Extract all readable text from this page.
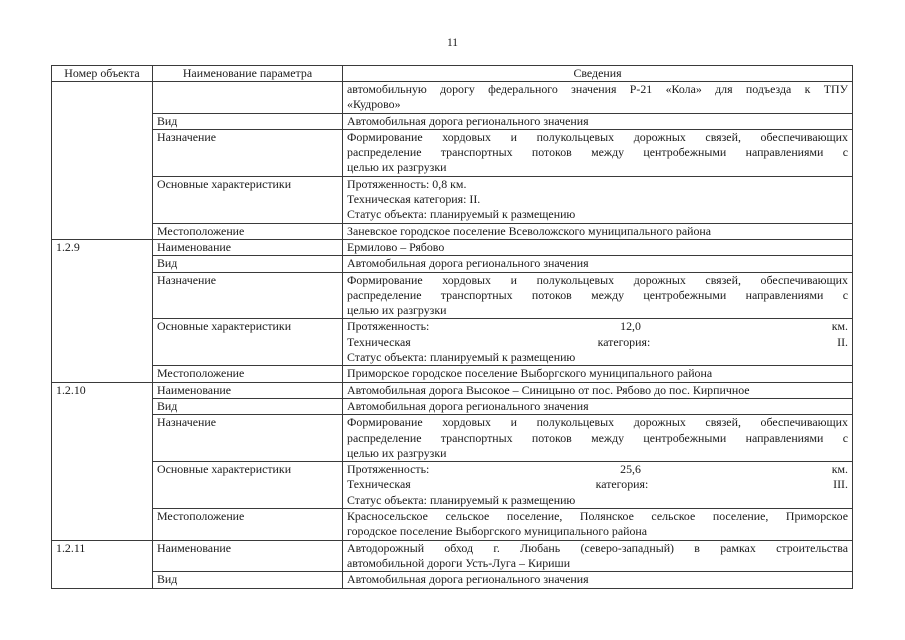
11
Номер объекта	Наименование параметра	Сведения

		автомобильную дорогу федерального значения Р-21 «Кола» для подъезда к ТПУ
«Кудрово»

	Вид	Автомобильная дорога регионального значения
	Назначение	Формирование хордовых и полукольцевых дорожных связей, обеспечивающих
распределение транспортных потоков между центробежными направлениями с
целью их разгрузки

	Основные характеристики	Протяженность: 0,8 км.
Техническая категория: II.
Статус объекта: планируемый к размещению

	Местоположение	Заневское городское поселение Всеволожского муниципального района
1.2.9	Наименование	Ермилово – Рябово

	Вид	Автомобильная дорога регионального значения

	Назначение	Формирование хордовых и полукольцевых дорожных связей, обеспечивающих
распределение транспортных потоков между центробежными направлениями с
целью их разгрузки

	Основные характеристики	Протяженность: 12,0 км.
Техническая категория: II.
Статус объекта: планируемый к размещению

	Местоположение	Приморское городское поселение Выборгского муниципального района

1.2.10	Наименование	Автомобильная дорога Высокое – Синицыно от пос. Рябово до пос. Кирпичное

	Вид	Автомобильная дорога регионального значения

	Назначение	Формирование хордовых и полукольцевых дорожных связей, обеспечивающих
распределение транспортных потоков между центробежными направлениями с
целью их разгрузки

	Основные характеристики	Протяженность: 25,6 км.
Техническая категория: III.
Статус объекта: планируемый к размещению

	Местоположение	Красносельское сельское поселение, Полянское сельское поселение, Приморское
городское поселение Выборгского муниципального района

1.2.11	Наименование	Автодорожный обход г. Любань (северо-западный) в рамках строительства
автомобильной дороги Усть-Луга – Кириши

	Вид	Автомобильная дорога регионального значения
